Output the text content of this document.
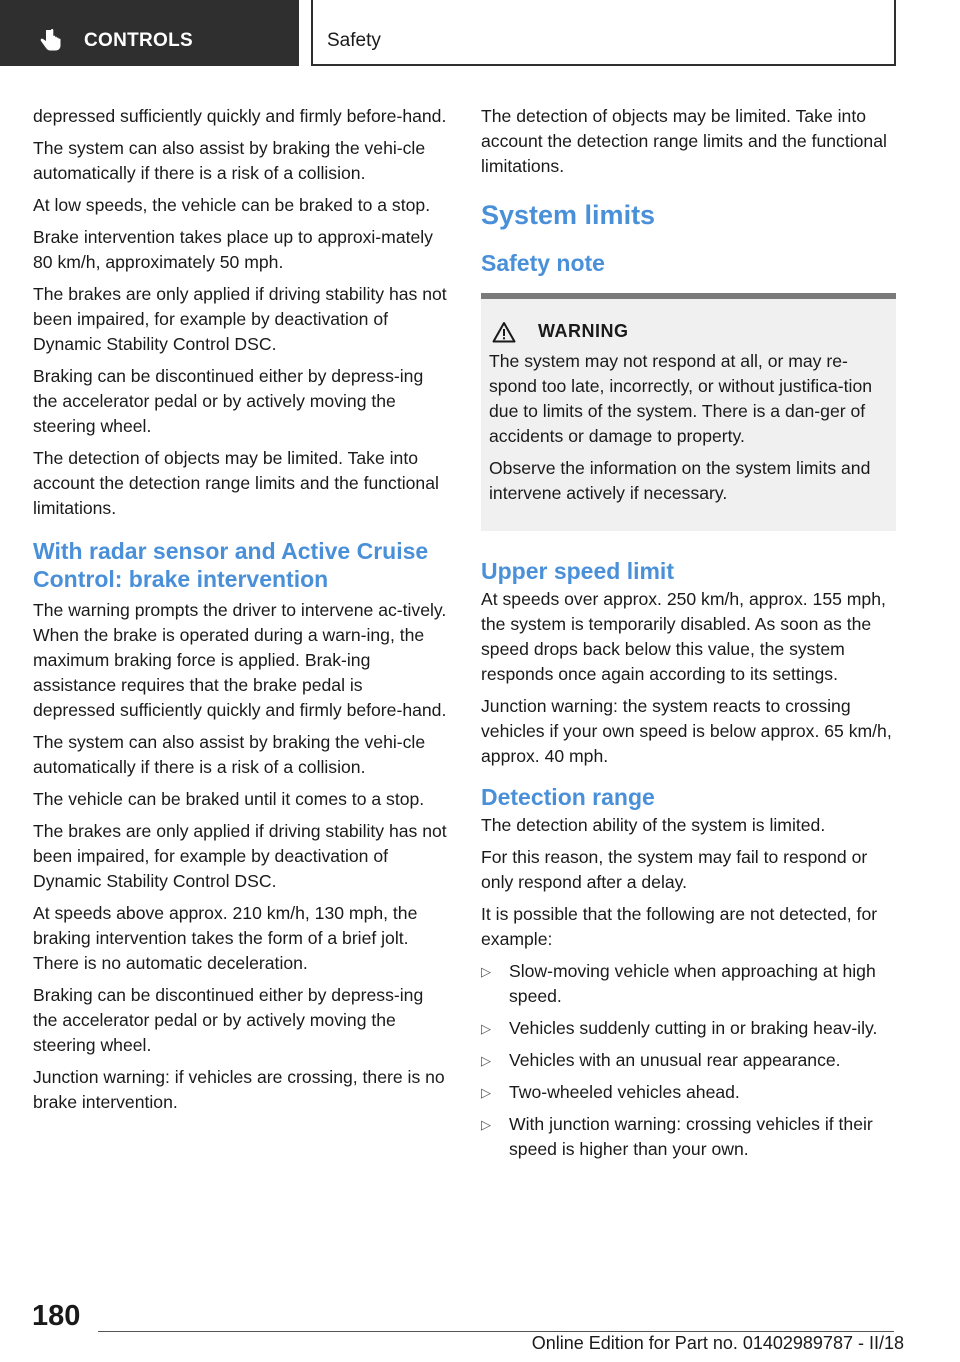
CONTROLS	Safety

depressed sufficiently quickly and firmly before‐hand.

The system can also assist by braking the vehi‐cle automatically if there is a risk of a collision.

At low speeds, the vehicle can be braked to a stop.

Brake intervention takes place up to approxi‐mately 80 km/h, approximately 50 mph.

The brakes are only applied if driving stability has not been impaired, for example by deactivation of Dynamic Stability Control DSC.

Braking can be discontinued either by depress‐ing the accelerator pedal or by actively moving the steering wheel.

The detection of objects may be limited. Take into account the detection range limits and the functional limitations.

With radar sensor and Active Cruise Control: brake intervention

The warning prompts the driver to intervene ac‐tively. When the brake is operated during a warn‐ing, the maximum braking force is applied. Brak‐ing assistance requires that the brake pedal is depressed sufficiently quickly and firmly before‐hand.

The system can also assist by braking the vehi‐cle automatically if there is a risk of a collision.

The vehicle can be braked until it comes to a stop.

The brakes are only applied if driving stability has not been impaired, for example by deactivation of Dynamic Stability Control DSC.

At speeds above approx. 210 km/h, 130 mph, the braking intervention takes the form of a brief jolt. There is no automatic deceleration.

Braking can be discontinued either by depress‐ing the accelerator pedal or by actively moving the steering wheel.

Junction warning: if vehicles are crossing, there is no brake intervention.

The detection of objects may be limited. Take into account the detection range limits and the functional limitations.

System limits
Safety note
WARNING

The system may not respond at all, or may re‐spond too late, incorrectly, or without justifica‐tion due to limits of the system. There is a dan‐ger of accidents or damage to property.

Observe the information on the system limits and intervene actively if necessary.

Upper speed limit

At speeds over approx. 250 km/h, approx. 155 mph, the system is temporarily disabled. As soon as the speed drops back below this value, the system responds once again according to its settings.

Junction warning: the system reacts to crossing vehicles if your own speed is below approx. 65 km/h, approx. 40 mph.

Detection range

The detection ability of the system is limited.

For this reason, the system may fail to respond or only respond after a delay.

It is possible that the following are not detected, for example:

▷ Slow-moving vehicle when approaching at high speed.
▷ Vehicles suddenly cutting in or braking heav‐ily.
▷ Vehicles with an unusual rear appearance.
▷ Two-wheeled vehicles ahead.
▷ With junction warning: crossing vehicles if their speed is higher than your own.
180
Online Edition for Part no. 01402989787 - II/18
